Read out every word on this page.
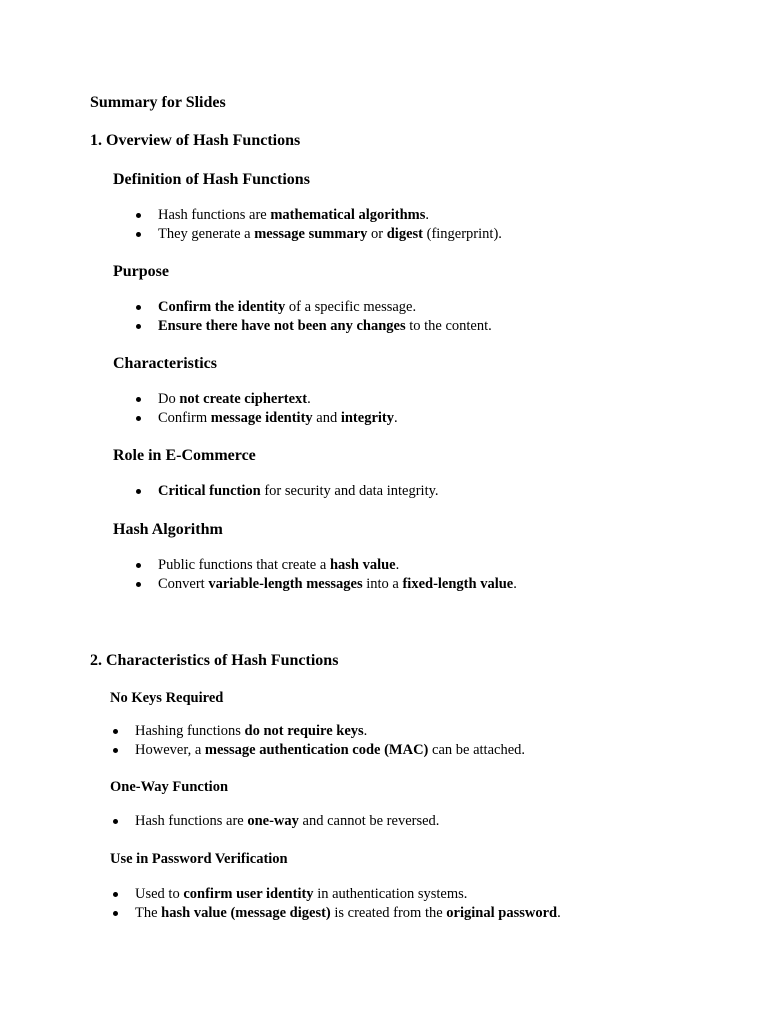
Summary for Slides
1. Overview of Hash Functions
Definition of Hash Functions
Hash functions are mathematical algorithms.
They generate a message summary or digest (fingerprint).
Purpose
Confirm the identity of a specific message.
Ensure there have not been any changes to the content.
Characteristics
Do not create ciphertext.
Confirm message identity and integrity.
Role in E-Commerce
Critical function for security and data integrity.
Hash Algorithm
Public functions that create a hash value.
Convert variable-length messages into a fixed-length value.
2. Characteristics of Hash Functions
No Keys Required
Hashing functions do not require keys.
However, a message authentication code (MAC) can be attached.
One-Way Function
Hash functions are one-way and cannot be reversed.
Use in Password Verification
Used to confirm user identity in authentication systems.
The hash value (message digest) is created from the original password.
